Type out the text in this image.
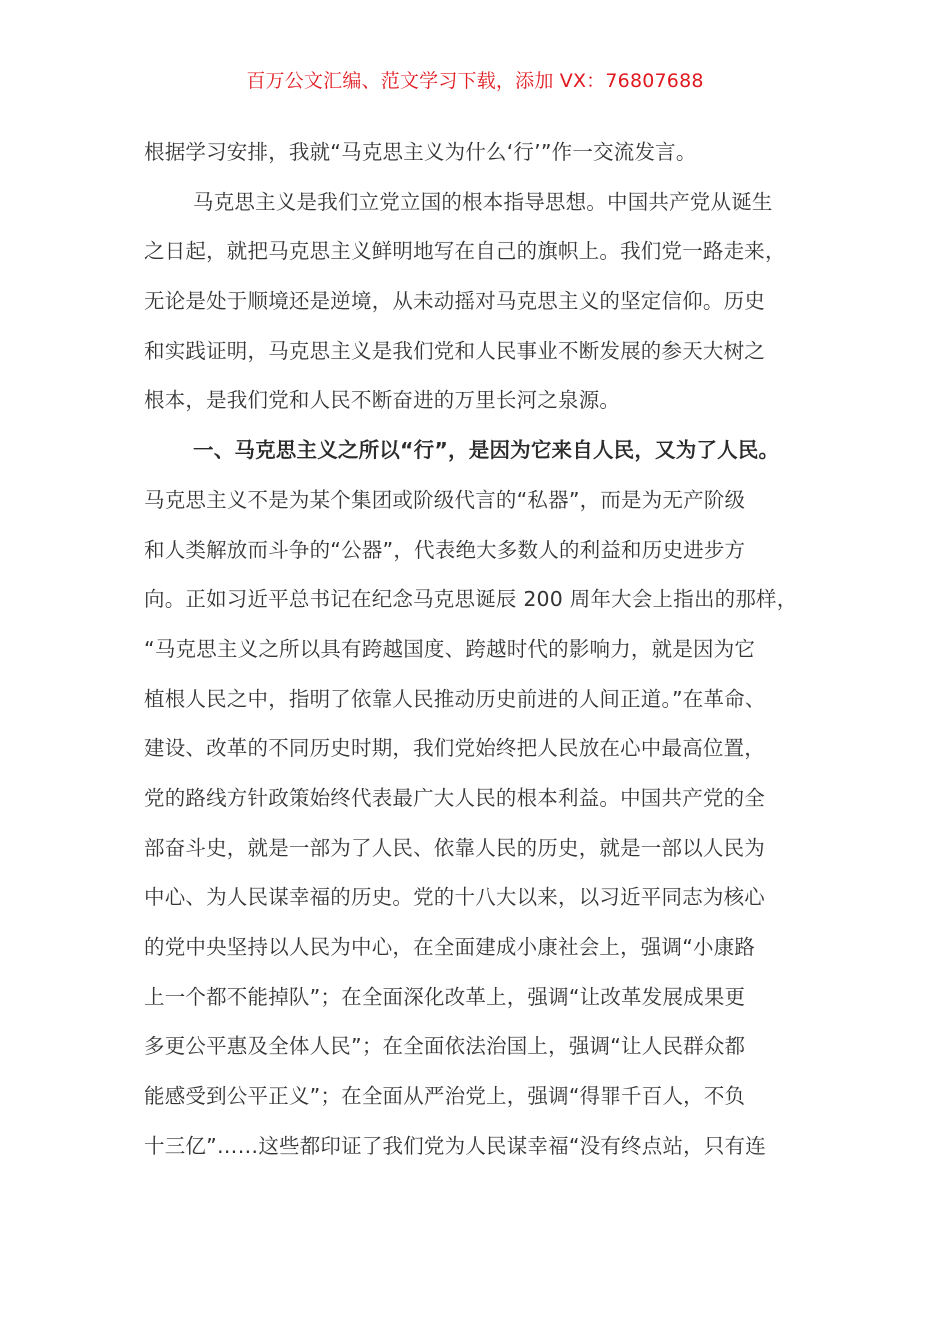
百万公文汇编、范文学习下载，添加 VX：76807688
根据学习安排，我就“马克思主义为什么‘行’”作一交流发言。
马克思主义是我们立党立国的根本指导思想。中国共产党从诞生
之日起，就把马克思主义鲜明地写在自己的旗帜上。我们党一路走来，
无论是处于顺境还是逆境，从未动摇对马克思主义的坚定信仰。历史
和实践证明，马克思主义是我们党和人民事业不断发展的参天大树之
根本，是我们党和人民不断奋进的万里长河之泉源。
一、马克思主义之所以“行”，是因为它来自人民，又为了人民。
马克思主义不是为某个集团或阶级代言的“私器”，而是为无产阶级
和人类解放而斗争的“公器”，代表绝大多数人的利益和历史进步方
向。正如习近平总书记在纪念马克思诞辰 200 周年大会上指出的那样，
“马克思主义之所以具有跨越国度、跨越时代的影响力，就是因为它
植根人民之中，指明了依靠人民推动历史前进的人间正道。”在革命、
建设、改革的不同历史时期，我们党始终把人民放在心中最高位置，
党的路线方针政策始终代表最广大人民的根本利益。中国共产党的全
部奋斗史，就是一部为了人民、依靠人民的历史，就是一部以人民为
中心、为人民谋幸福的历史。党的十八大以来，以习近平同志为核心
的党中央坚持以人民为中心，在全面建成小康社会上，强调“小康路
上一个都不能掉队”；在全面深化改革上，强调“让改革发展成果更
多更公平惠及全体人民”；在全面依法治国上，强调“让人民群众都
能感受到公平正义”；在全面从严治党上，强调“得罪千百人，不负
十三亿”……这些都印证了我们党为人民谋幸福“没有终点站，只有连
